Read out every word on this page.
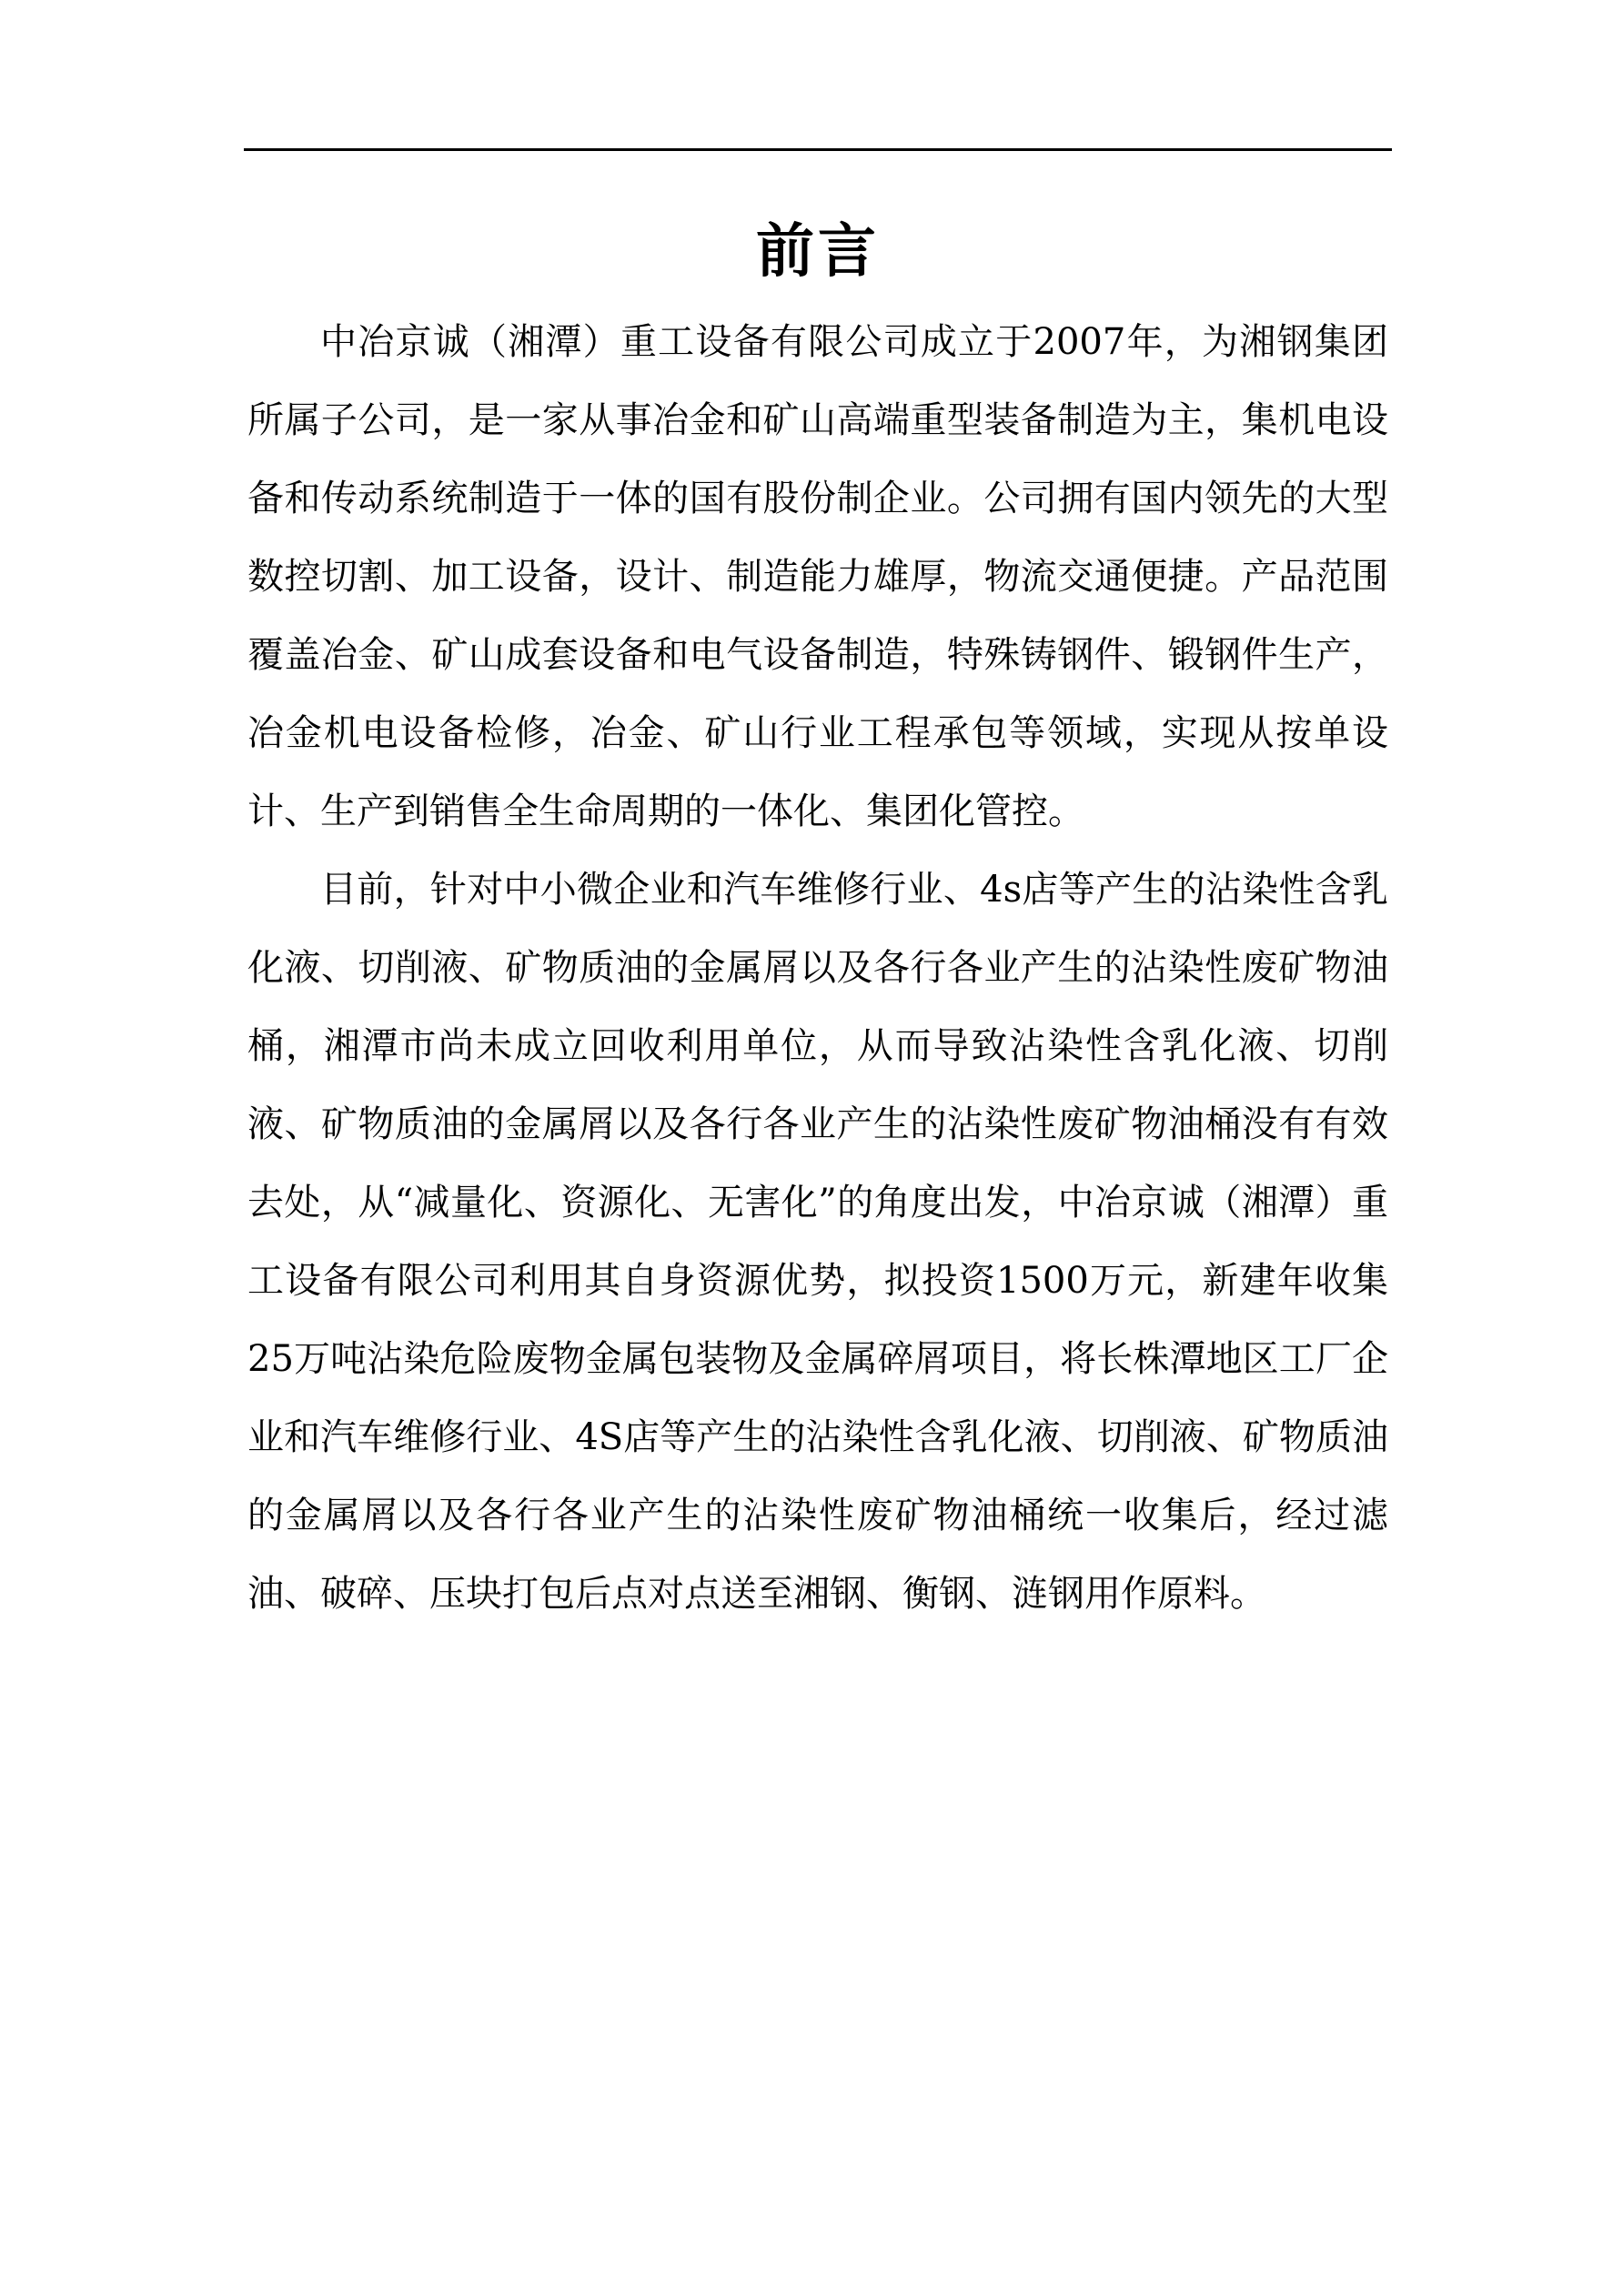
前言

中冶京诚（湘潭）重工设备有限公司成立于2007年，为湘钢集团所属子公司，是一家从事冶金和矿山高端重型装备制造为主，集机电设备和传动系统制造于一体的国有股份制企业。公司拥有国内领先的大型数控切割、加工设备，设计、制造能力雄厚，物流交通便捷。产品范围覆盖冶金、矿山成套设备和电气设备制造，特殊铸钢件、锻钢件生产，冶金机电设备检修，冶金、矿山行业工程承包等领域，实现从按单设计、生产到销售全生命周期的一体化、集团化管控。

目前，针对中小微企业和汽车维修行业、4s店等产生的沾染性含乳化液、切削液、矿物质油的金属屑以及各行各业产生的沾染性废矿物油桶，湘潭市尚未成立回收利用单位，从而导致沾染性含乳化液、切削液、矿物质油的金属屑以及各行各业产生的沾染性废矿物油桶没有有效去处，从“减量化、资源化、无害化”的角度出发，中冶京诚（湘潭）重工设备有限公司利用其自身资源优势，拟投资1500万元，新建年收集25万吨沾染危险废物金属包装物及金属碎屑项目，将长株潭地区工厂企业和汽车维修行业、4S店等产生的沾染性含乳化液、切削液、矿物质油的金属屑以及各行各业产生的沾染性废矿物油桶统一收集后，经过滤油、破碎、压块打包后点对点送至湘钢、衡钢、涟钢用作原料。
